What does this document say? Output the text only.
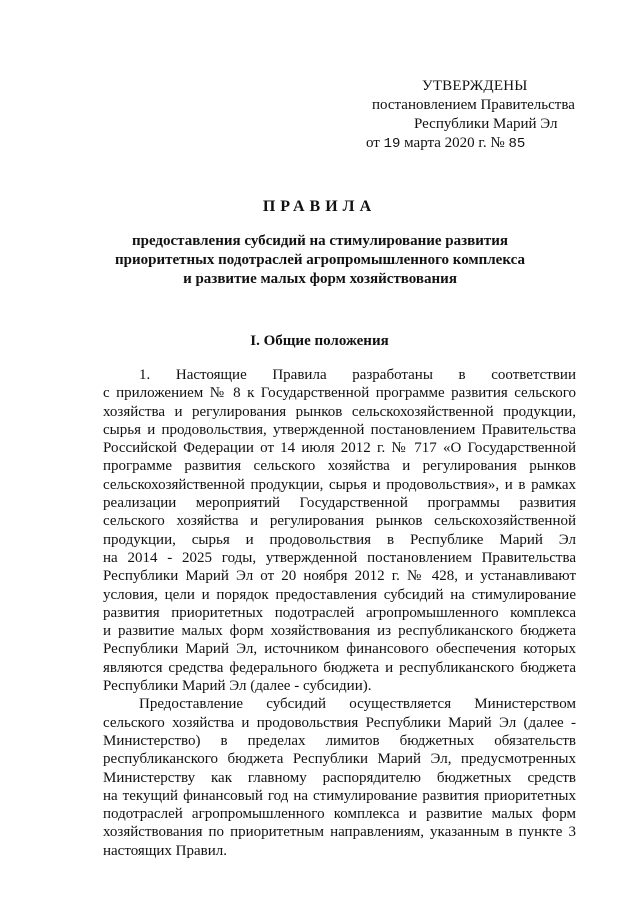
УТВЕРЖДЕНЫ
постановлением Правительства
Республики Марий Эл
от 19 марта 2020 г. № 85
ПРАВИЛА
предоставления субсидий на стимулирование развития
приоритетных подотраслей агропромышленного комплекса
и развитие малых форм хозяйствования
I. Общие положения
1. Настоящие Правила разработаны в соответствии
с приложением № 8 к Государственной программе развития сельского
хозяйства и регулирования рынков сельскохозяйственной продукции,
сырья и продовольствия, утвержденной постановлением Правительства
Российской Федерации от 14 июля 2012 г. № 717 «О Государственной
программе развития сельского хозяйства и регулирования рынков
сельскохозяйственной продукции, сырья и продовольствия», и в рамках
реализации мероприятий Государственной программы развития
сельского хозяйства и регулирования рынков сельскохозяйственной
продукции, сырья и продовольствия в Республике Марий Эл
на 2014 - 2025 годы, утвержденной постановлением Правительства
Республики Марий Эл от 20 ноября 2012 г. № 428, и устанавливают
условия, цели и порядок предоставления субсидий на стимулирование
развития приоритетных подотраслей агропромышленного комплекса
и развитие малых форм хозяйствования из республиканского бюджета
Республики Марий Эл, источником финансового обеспечения которых
являются средства федерального бюджета и республиканского бюджета
Республики Марий Эл (далее - субсидии).
Предоставление субсидий осуществляется Министерством
сельского хозяйства и продовольствия Республики Марий Эл (далее -
Министерство) в пределах лимитов бюджетных обязательств
республиканского бюджета Республики Марий Эл, предусмотренных
Министерству как главному распорядителю бюджетных средств
на текущий финансовый год на стимулирование развития приоритетных
подотраслей агропромышленного комплекса и развитие малых форм
хозяйствования по приоритетным направлениям, указанным в пункте 3
настоящих Правил.
